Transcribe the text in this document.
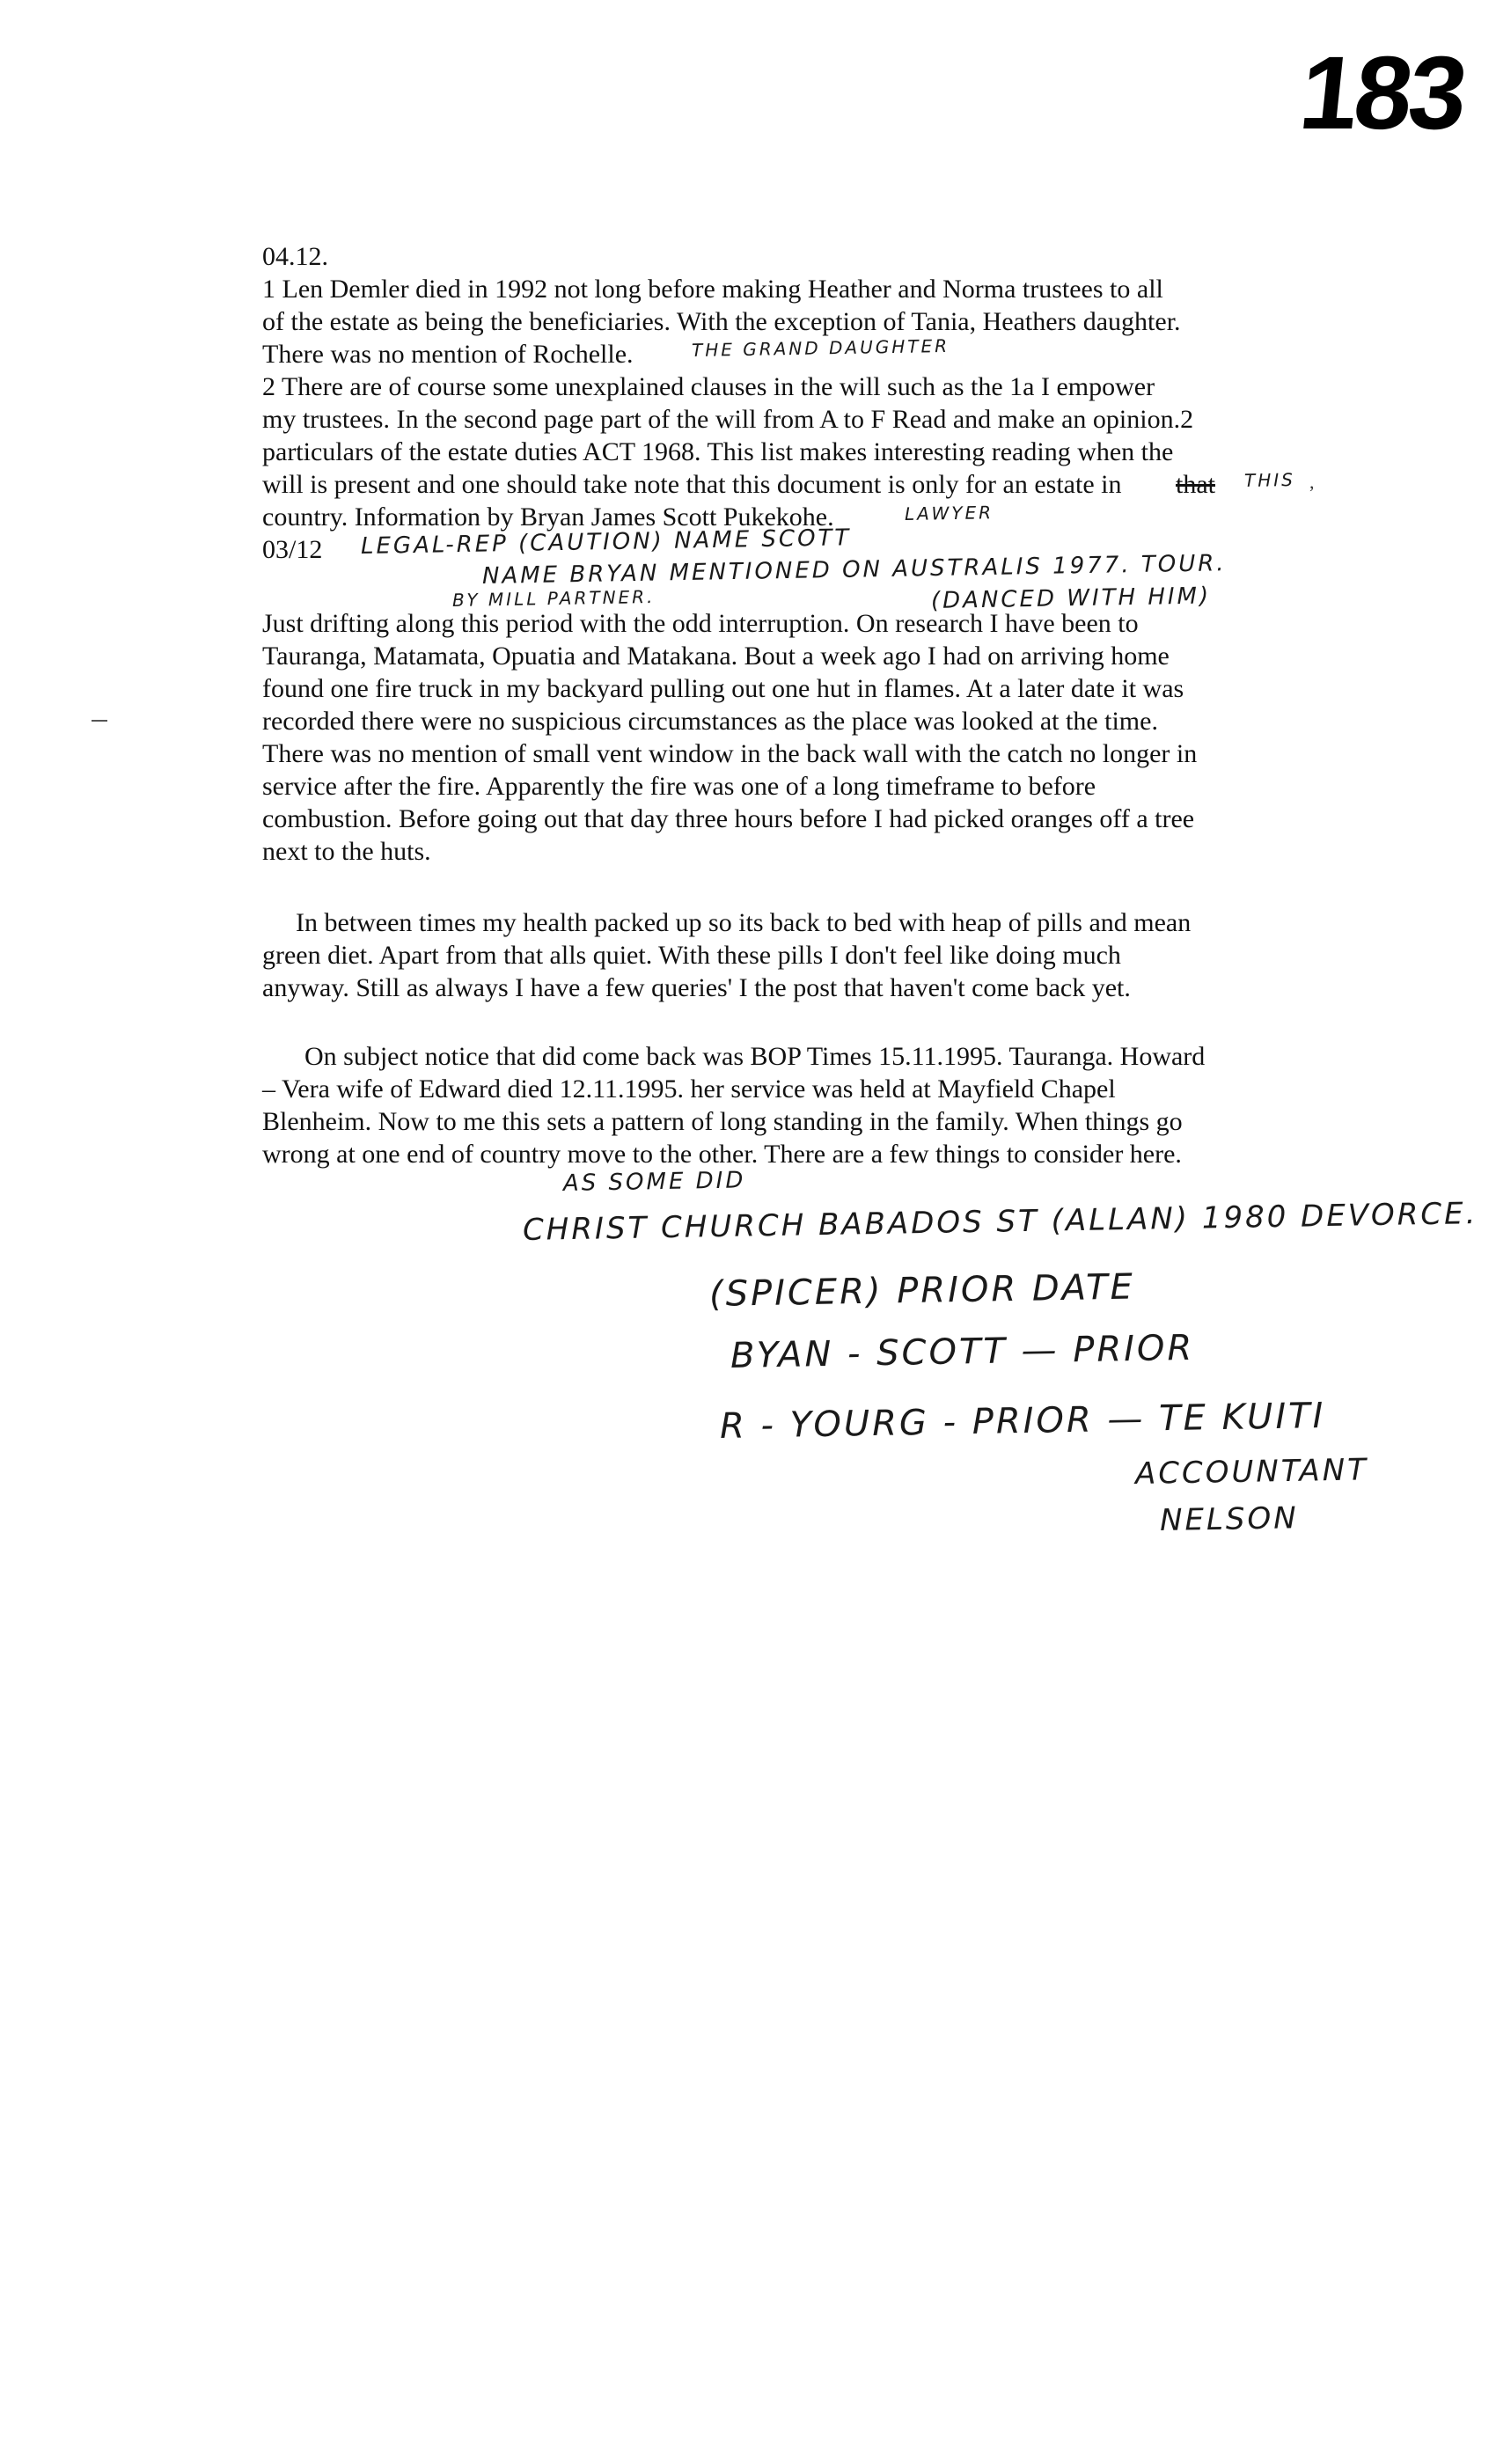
183
,
04.12.
1 Len Demler died in 1992 not long before making Heather and Norma trustees to all
of the estate as being the beneficiaries. With the exception of Tania, Heathers daughter.
There was no mention of Rochelle.
2 There are of course some unexplained clauses in the will such as the 1a I empower
my trustees. In the second page part of the will from A to F Read and make an opinion.2
particulars of the estate duties ACT 1968. This list makes interesting reading when the
will is present and one should take note that this document is only for an estate in that
country. Information by Bryan James Scott Pukekohe.
03/12
Just drifting along this period with the odd interruption. On research I have been to
Tauranga, Matamata, Opuatia and Matakana. Bout a week ago I had on arriving home
found one fire truck in my backyard pulling out one hut in flames. At a later date it was
recorded there were no suspicious circumstances as the place was looked at the time.
There was no mention of small vent window in the back wall with the catch no longer in
service after the fire. Apparently the fire was one of a long timeframe to before
combustion. Before going out that day three hours before I had picked oranges off a tree
next to the huts.
In between times my health packed up so its back to bed with heap of pills and mean
green diet. Apart from that alls quiet. With these pills I don't feel like doing much
anyway. Still as always I have a few queries' I the post that haven't come back yet.
On subject notice that did come back was BOP Times 15.11.1995. Tauranga. Howard
– Vera wife of Edward died 12.11.1995. her service was held at Mayfield Chapel
Blenheim. Now to me this sets a pattern of long standing in the family. When things go
wrong at one end of country move to the other. There are a few things to consider here.
THE GRAND DAUGHTER
THIS
LAWYER
LEGAL-REP (CAUTION) NAME SCOTT
NAME BRYAN MENTIONED ON AUSTRALIS 1977. TOUR.
BY MILL PARTNER.	(DANCED WITH HIM)
AS SOME DID
CHRIST CHURCH BABADOS ST (ALLAN) 1980 DEVORCE.
(SPICER) PRIOR DATE
BYAN - SCOTT — PRIOR
R - YOURG - PRIOR — TE KUITI
ACCOUNTANT
NELSON
